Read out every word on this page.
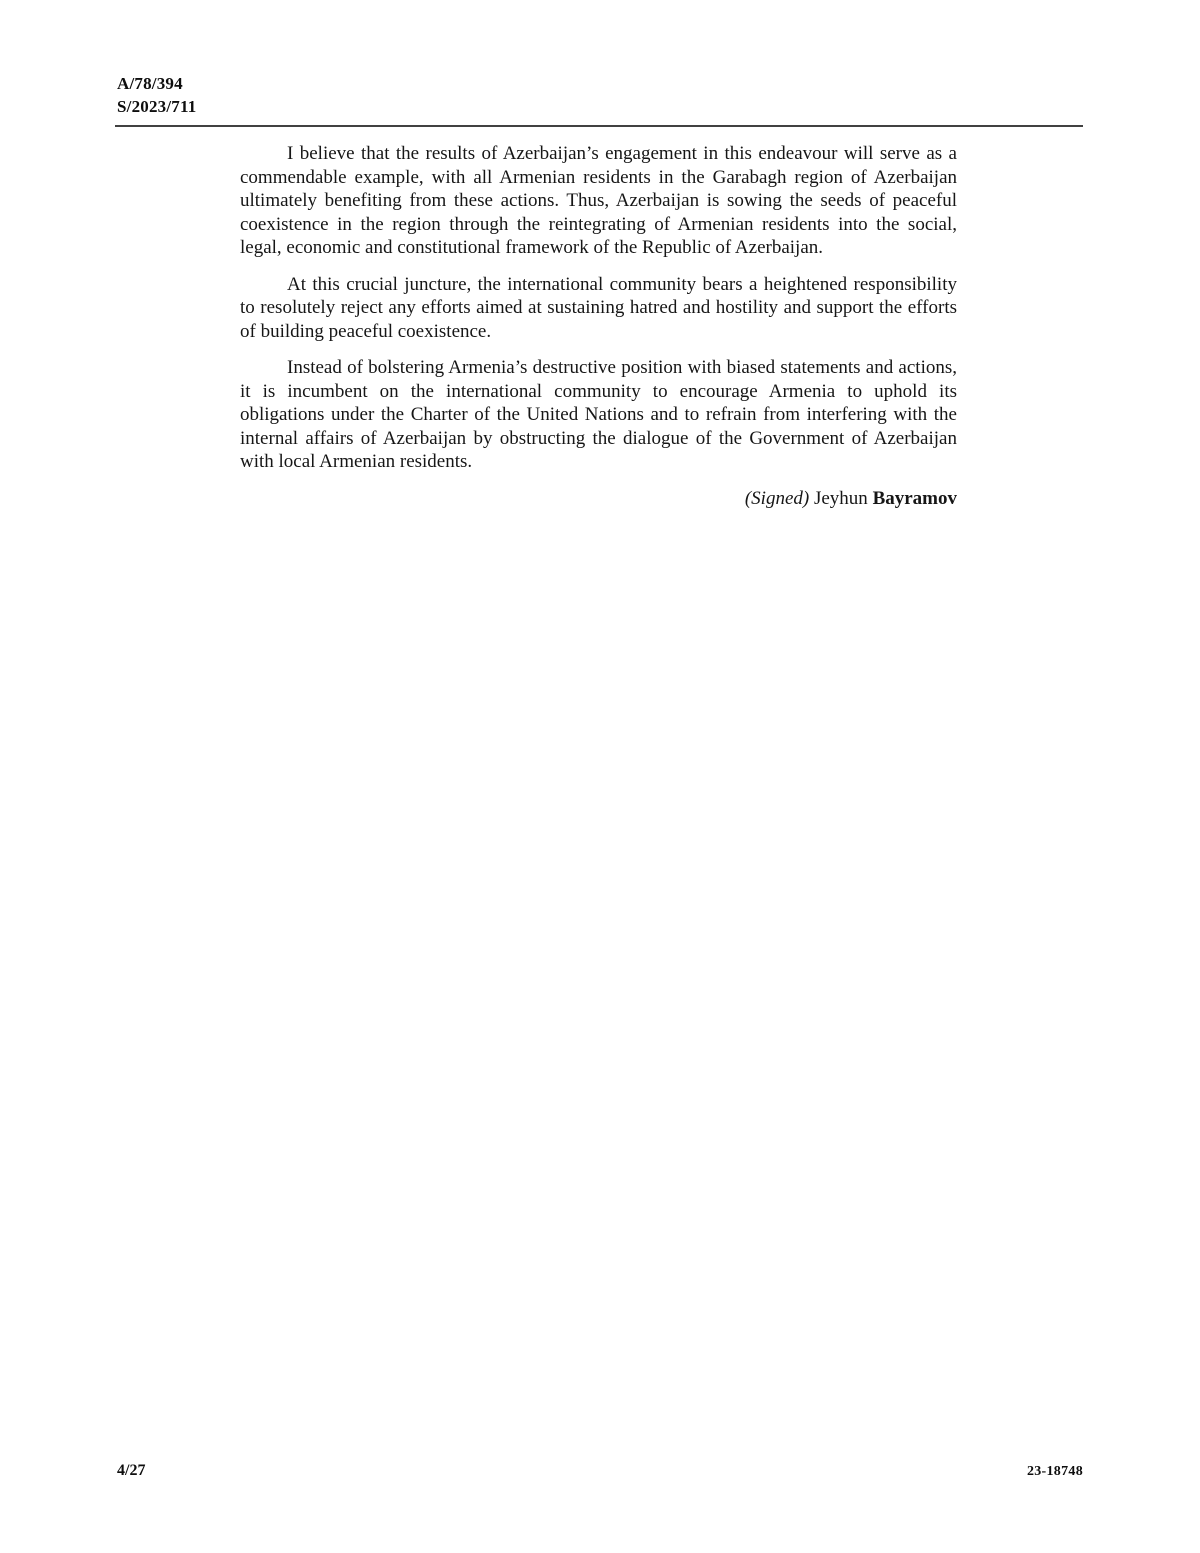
A/78/394
S/2023/711

I believe that the results of Azerbaijan’s engagement in this endeavour will serve as a commendable example, with all Armenian residents in the Garabagh region of Azerbaijan ultimately benefiting from these actions. Thus, Azerbaijan is sowing the seeds of peaceful coexistence in the region through the reintegrating of Armenian residents into the social, legal, economic and constitutional framework of the Republic of Azerbaijan.

At this crucial juncture, the international community bears a heightened responsibility to resolutely reject any efforts aimed at sustaining hatred and hostility and support the efforts of building peaceful coexistence.

Instead of bolstering Armenia’s destructive position with biased statements and actions, it is incumbent on the international community to encourage Armenia to uphold its obligations under the Charter of the United Nations and to refrain from interfering with the internal affairs of Azerbaijan by obstructing the dialogue of the Government of Azerbaijan with local Armenian residents.

(Signed) Jeyhun Bayramov

4/27	23-18748
